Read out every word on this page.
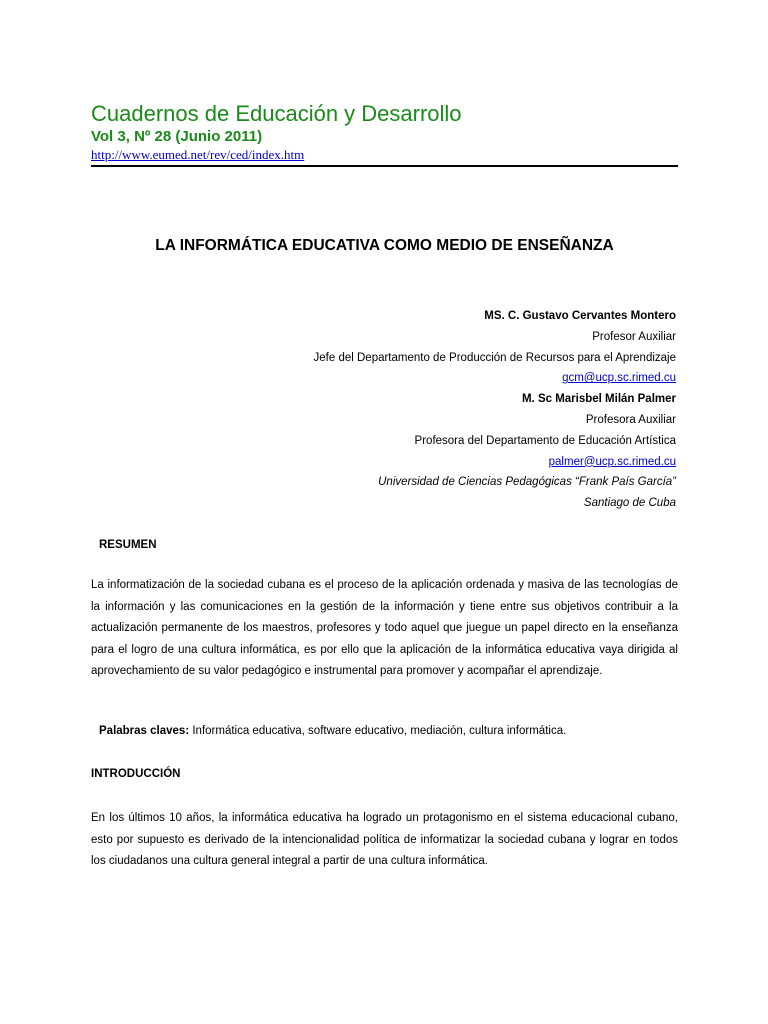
Cuadernos de Educación y Desarrollo
Vol 3, Nº 28 (Junio 2011)
http://www.eumed.net/rev/ced/index.htm
LA INFORMÁTICA EDUCATIVA COMO MEDIO DE ENSEÑANZA
MS. C. Gustavo Cervantes Montero
Profesor Auxiliar
Jefe del Departamento de Producción de Recursos para el Aprendizaje
gcm@ucp.sc.rimed.cu
M. Sc Marisbel Milán Palmer
Profesora Auxiliar
Profesora del Departamento de Educación Artística
palmer@ucp.sc.rimed.cu
Universidad de Ciencias Pedagógicas “Frank País García”
Santiago de Cuba
RESUMEN
La informatización de la sociedad cubana es el proceso de la aplicación ordenada y masiva de las tecnologías de la información y las comunicaciones en la gestión de la información y tiene entre sus objetivos contribuir a la actualización permanente de los maestros, profesores y todo aquel que juegue un papel directo en la enseñanza para el logro de una cultura informática, es por ello que la aplicación de la informática educativa vaya dirigida al aprovechamiento de su valor pedagógico e instrumental para promover y acompañar el aprendizaje.
Palabras claves: Informática educativa, software educativo, mediación, cultura informática.
INTRODUCCIÓN
En los últimos 10 años, la informática educativa ha logrado un protagonismo en el sistema educacional cubano, esto por supuesto es derivado de la intencionalidad política de informatizar la sociedad cubana y lograr en todos los ciudadanos una cultura general integral a partir de una cultura informática.
